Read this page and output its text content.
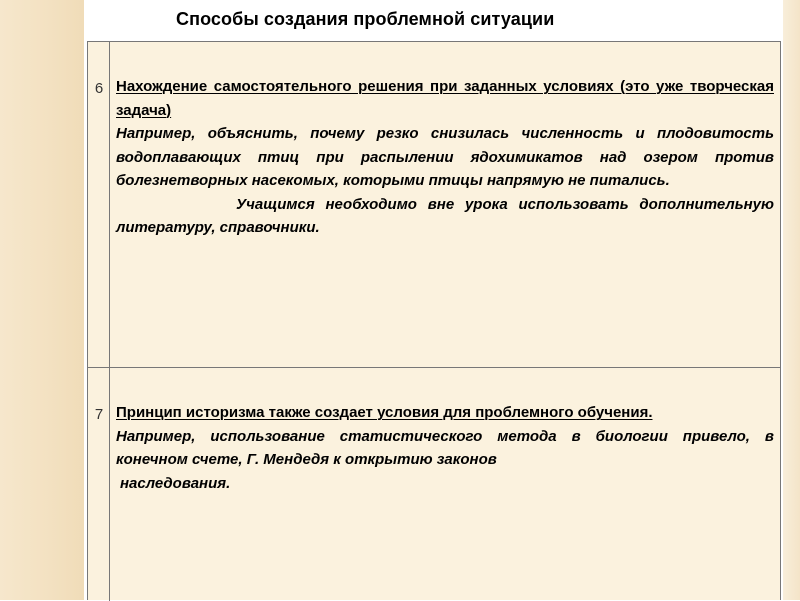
Способы создания проблемной ситуации
6 Нахождение самостоятельного решения при заданных условиях (это уже творческая задача)

Например, объяснить, почему резко снизилась численность и плодовитость водоплавающих птиц при распылении ядохимикатов над озером против болезнетворных насекомых, которыми птицы напрямую не питались.

Учащимся необходимо вне урока использовать дополнительную литературу, справочники.

7 Принцип историзма также создает условия для проблемного обучения.

Например, использование статистического метода в биологии привело, в конечном счете, Г. Мендедя к открытию законов

наследования.
